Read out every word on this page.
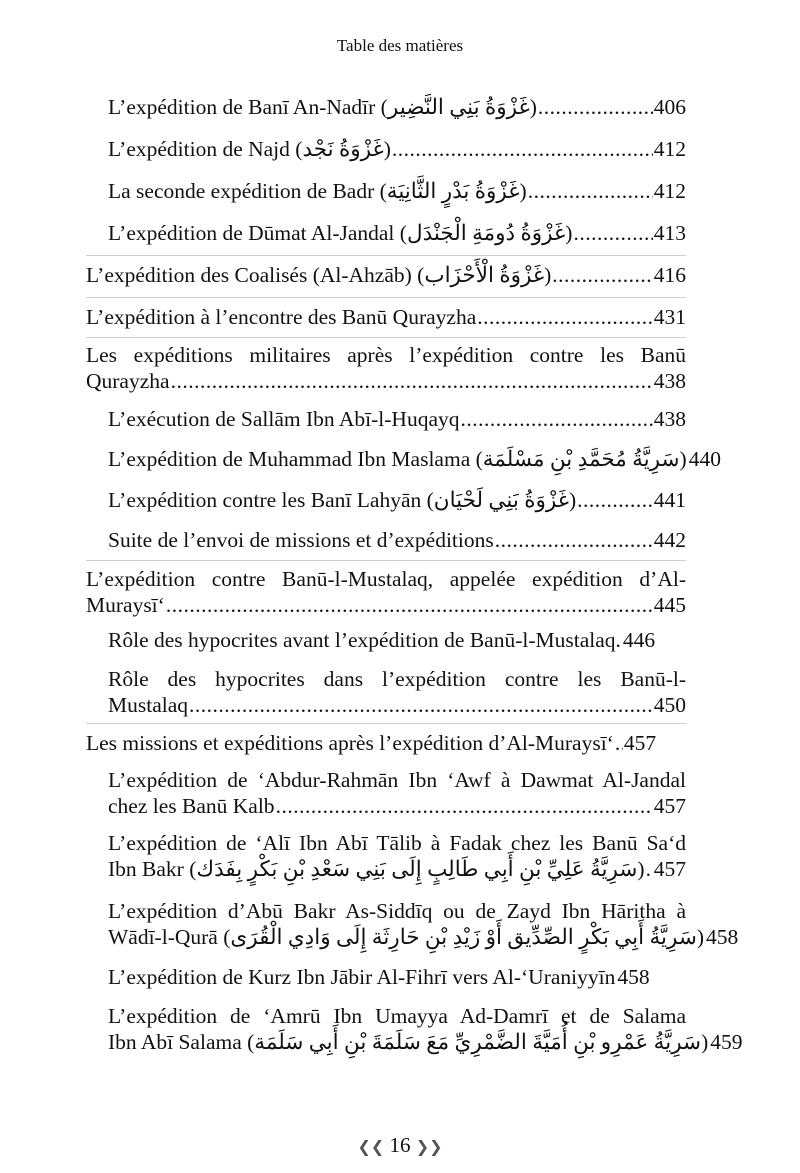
Table des matières
L’expédition de Banī An-Nadīr (غَزْوَةُ بَنِي النَّضِير) .....	406
L’expédition de Najd (غَزْوَةُ نَجْد) .....	412
La seconde expédition de Badr (غَزْوَةُ بَدْرٍ الثَّانِيَة) .....	412
L’expédition de Dūmat Al-Jandal (غَزْوَةُ دُومَةِ الْجَنْدَل) .....	413
L’expédition des Coalisés (Al-Ahzāb) (غَزْوَةُ الْأَحْزَاب) .....	416
L’expédition à l’encontre des Banū Qurayzha .....	431
Les expéditions militaires après l’expédition contre les Banū
Qurayzha .....	438
L’exécution de Sallām Ibn Abī-l-Huqayq .....	438
L’expédition de Muhammad Ibn Maslama (سَرِيَّةُ مُحَمَّدِ بْنِ مَسْلَمَة) 440
L’expédition contre les Banī Lahyān (غَزْوَةُ بَنِي لَحْيَان) .....	441
Suite de l’envoi de missions et d’expéditions .....	442
L’expédition contre Banū-l-Mustalaq, appelée expédition d’Al-
Muraysī‘ .....	445
Rôle des hypocrites avant l’expédition de Banū-l-Mustalaq. 446
Rôle des hypocrites dans l’expédition contre les Banū-l-
Mustalaq .....	450
Les missions et expéditions après l’expédition d’Al-Muraysī‘ ..... 457
L’expédition de ‘Abdur-Rahmān Ibn ‘Awf à Dawmat Al-Jandal
chez les Banū Kalb .....	457
L’expédition de ‘Alī Ibn Abī Tālib à Fadak chez les Banū Sa‘d
Ibn Bakr (سَرِيَّةُ عَلِيِّ بْنِ أَبِي طَالِبٍ إِلَى بَنِي سَعْدِ بْنِ بَكْرٍ بِفَدَك) ..... 457
L’expédition d’Abū Bakr As-Siddīq ou de Zayd Ibn Hāritha à
Wādī-l-Qurā (سَرِيَّةُ أَبِي بَكْرٍ الصِّدِّيق أَوْ زَيْدِ بْنِ حَارِثَة إِلَى وَادِي الْقُرَى) 458
L’expédition de Kurz Ibn Jābir Al-Fihrī vers Al-‘Uraniyyīn 458
L’expédition de ‘Amrū Ibn Umayya Ad-Damrī et de Salama
Ibn Abī Salama (سَرِيَّةُ عَمْرِو بْنِ أُمَيَّةَ الضَّمْرِيِّ مَعَ سَلَمَةَ بْنِ أَبِي سَلَمَة) 459
❮❮ 16 ❯❯
